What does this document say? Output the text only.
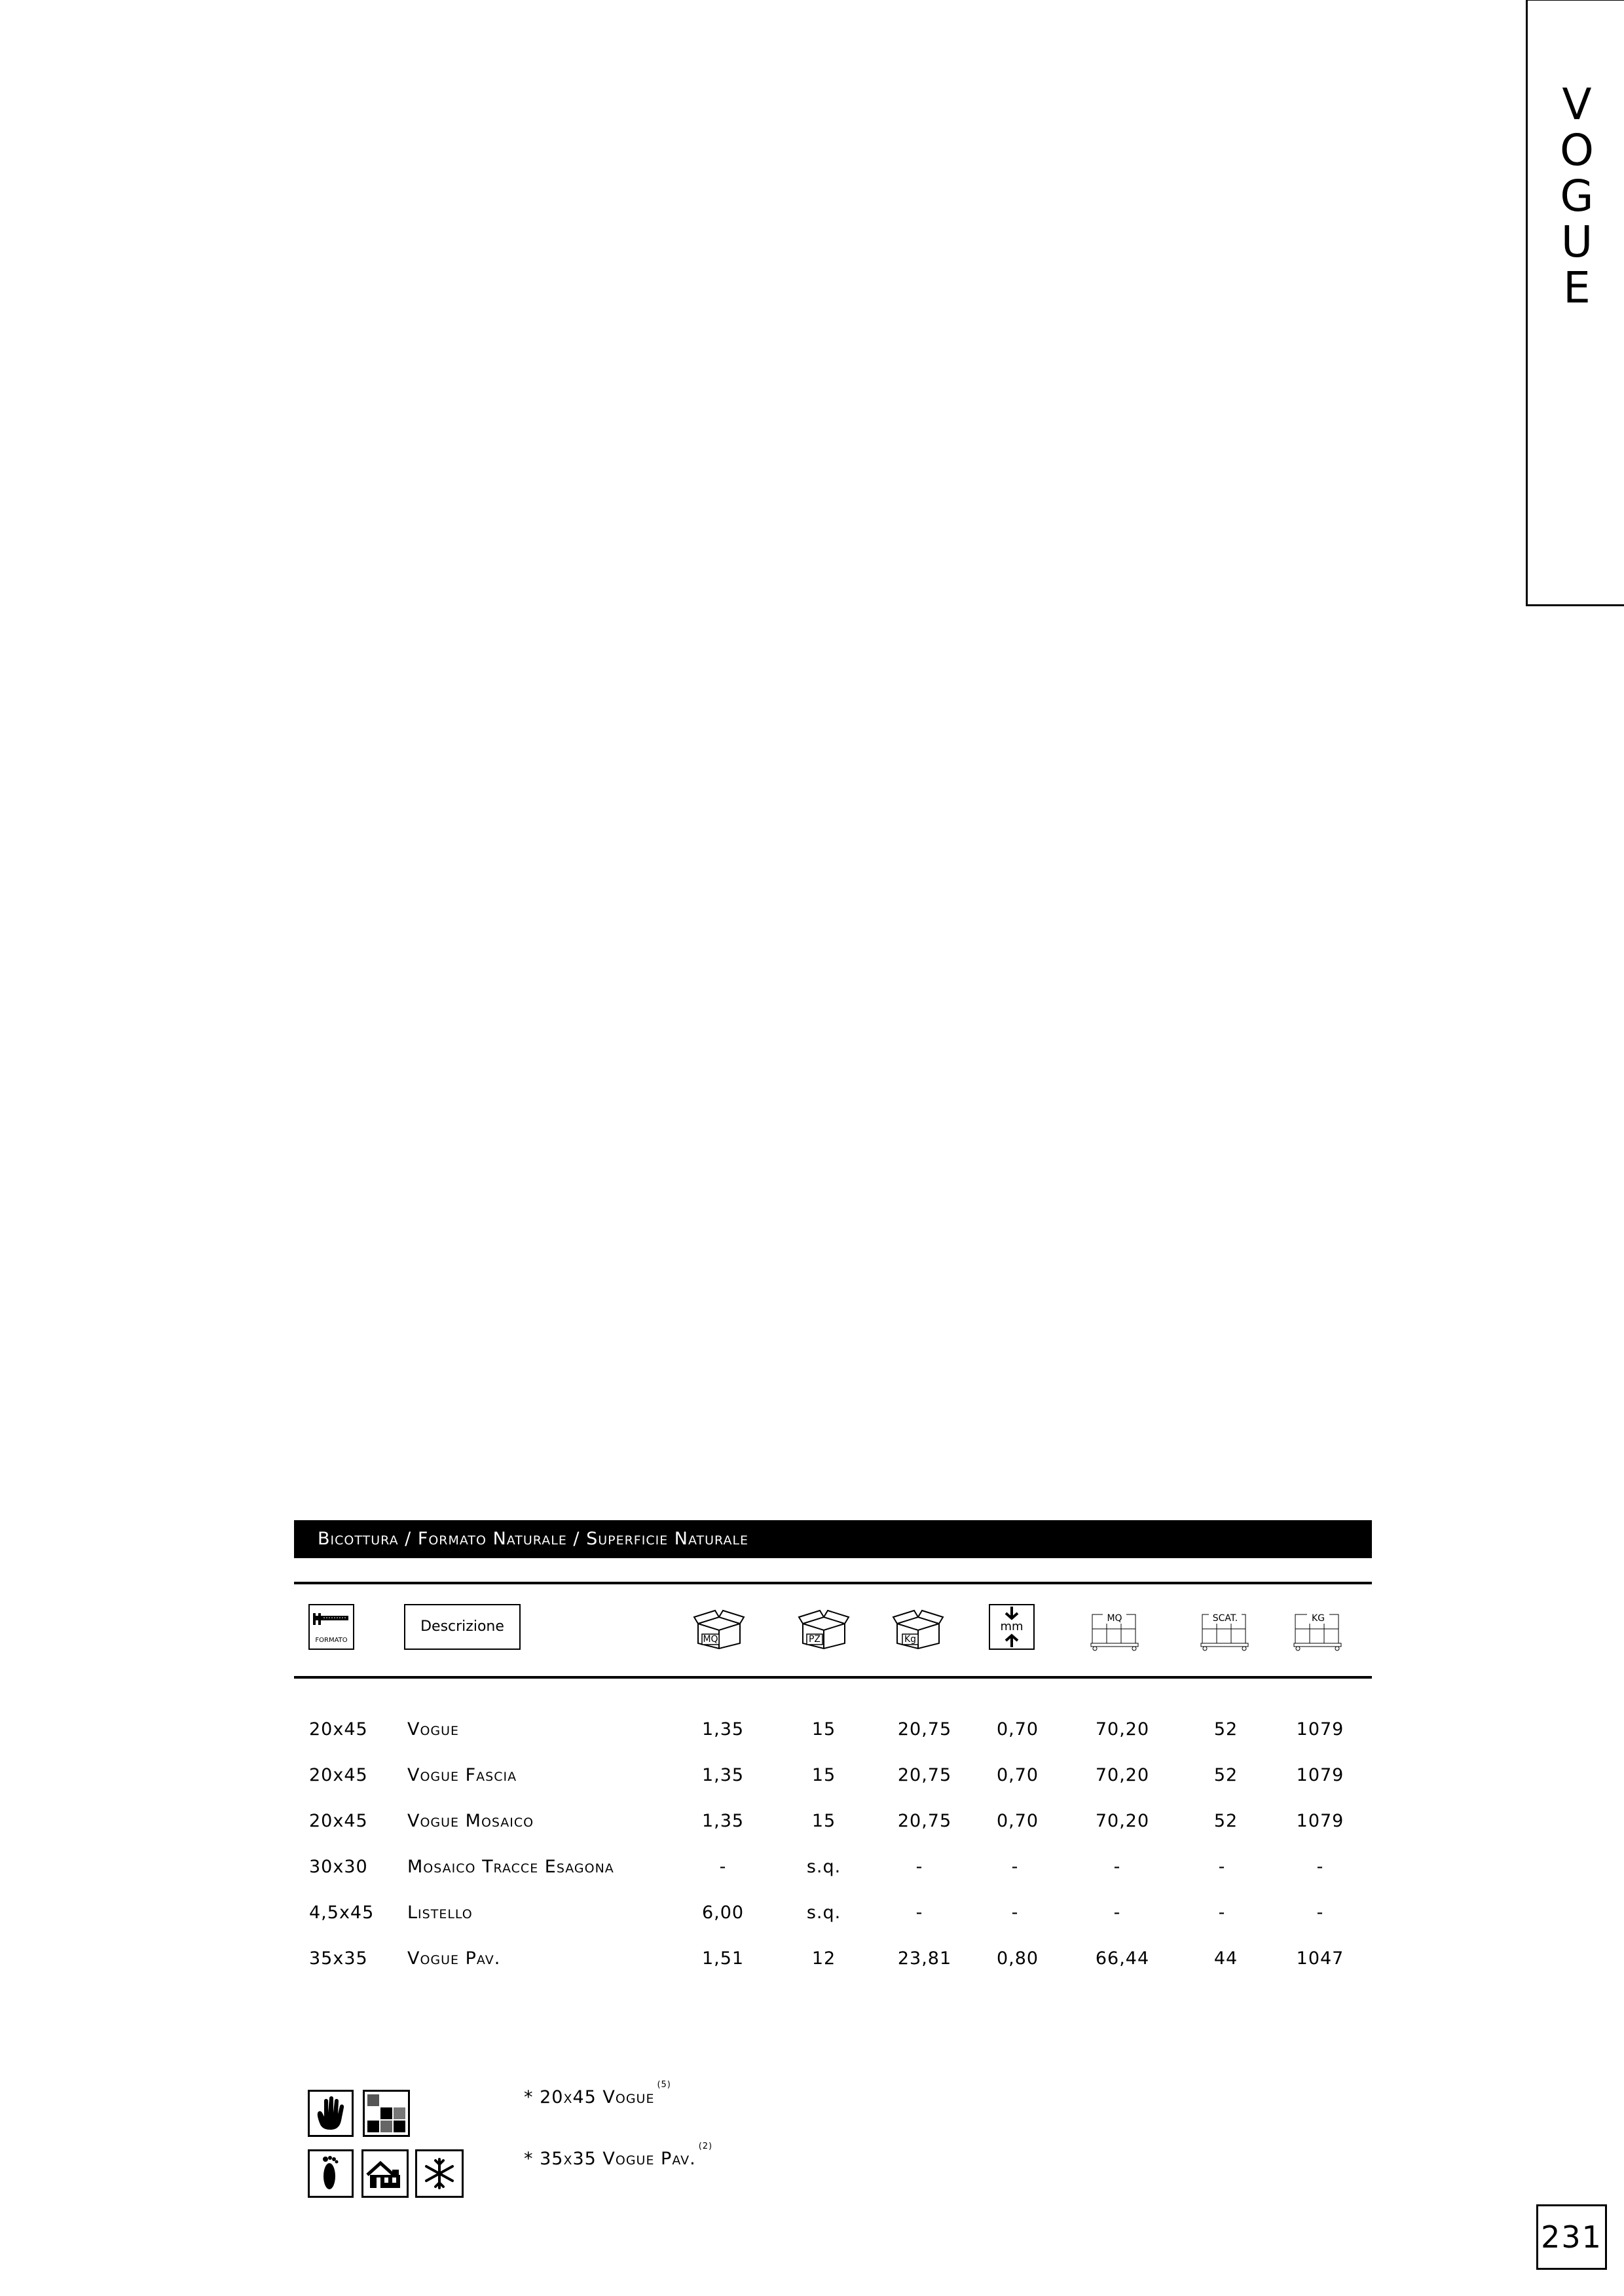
V
O
G
U
E
Bicottura / Formato Naturale / Superficie Naturale
FORMATO
Descrizione
MQ	PZ	Kg
mm
MQ	SCAT.	KG
20x45 Vogue	1,35	15	20,75	0,70	70,20	52	1079
20x45 Vogue Fascia	1,35	15	20,75	0,70	70,20	52	1079
20x45 Vogue Mosaico	1,35	15	20,75	0,70	70,20	52	1079
30x30 Mosaico Tracce Esagona	-	s.q.	-	-	-	-	-
4,5x45 Listello	6,00	s.q.	-	-	-	-	-
35x35 Vogue Pav.	1,51	12	23,81	0,80	66,44	44	1047
* 20x45 Vogue$^{(5)}$
* 35x35 Vogue Pav.$^{(2)}$
231
